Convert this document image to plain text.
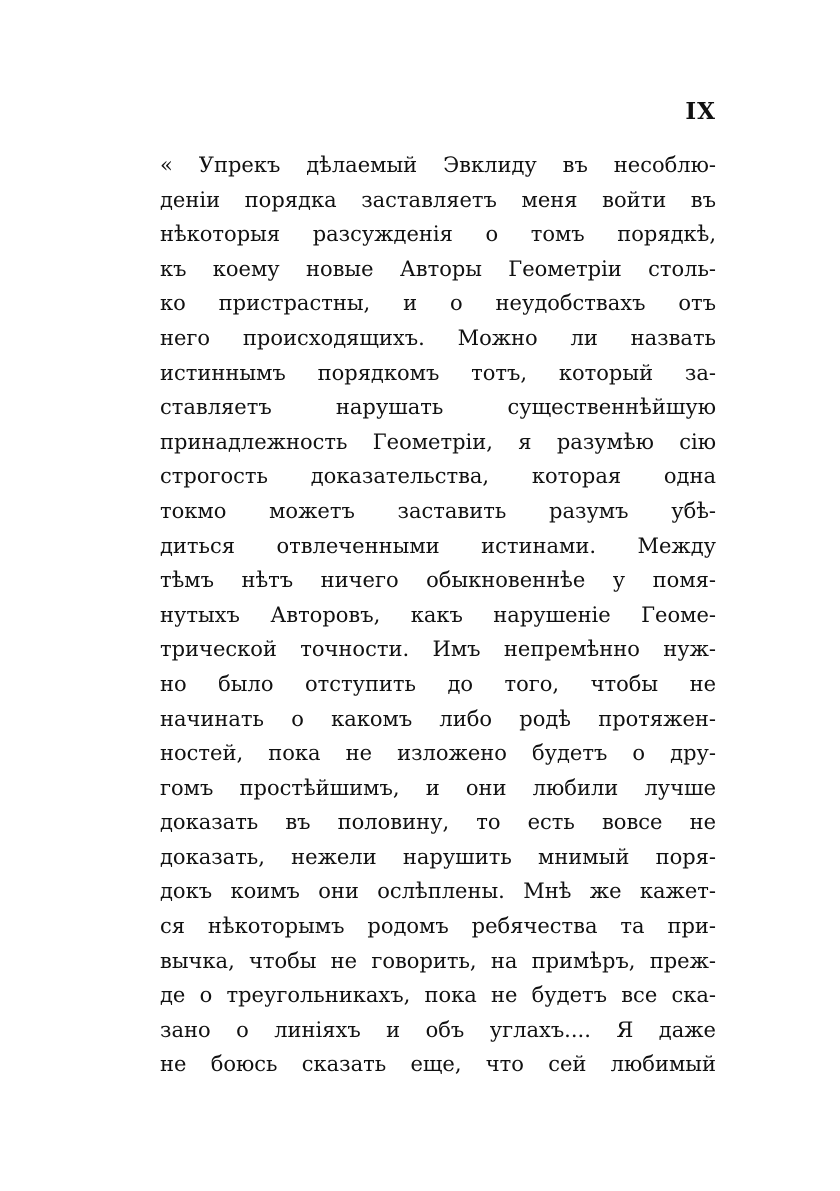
IX
« Упрекъ дѣлаемый Эвклиду въ несоблю-
деніи порядка заставляетъ меня войти въ
нѣкоторыя разсужденія о томъ порядкѣ,
къ коему новые Авторы Геометріи столь-
ко пристрастны, и о неудобствахъ отъ
него происходящихъ. Можно ли назвать
истиннымъ порядкомъ тотъ, который за-
ставляетъ нарушать существеннѣйшую
принадлежность Геометріи, я разумѣю сію
строгость доказательства, которая одна
токмо можетъ заставить разумъ убѣ-
диться отвлеченными истинами. Между
тѣмъ нѣтъ ничего обыкновеннѣе у помя-
нутыхъ Авторовъ, какъ нарушеніе Геоме-
трической точности. Имъ непремѣнно нуж-
но было отступить до того, чтобы не
начинать о какомъ либо родѣ протяжен-
ностей, пока не изложено будетъ о дру-
гомъ простѣйшимъ, и они любили лучше
доказать въ половину, то есть вовсе не
доказать, нежели нарушить мнимый поря-
докъ коимъ они ослѣплены. Мнѣ же кажет-
ся нѣкоторымъ родомъ ребячества та при-
вычка, чтобы не говорить, на примѣръ, преж-
де о треугольникахъ, пока не будетъ все ска-
зано о линіяхъ и объ углахъ.... Я даже
не боюсь сказать еще, что сей любимый
